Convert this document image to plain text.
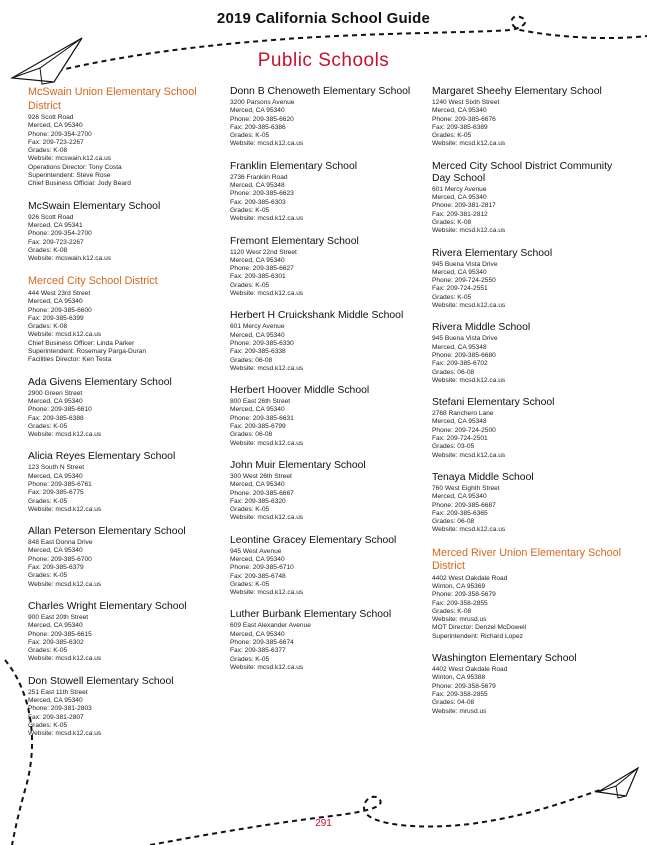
2019 California School Guide
Public Schools
McSwain Union Elementary School District
926 Scott Road
Merced, CA 95340
Phone: 209-354-2700
Fax: 209-723-2267
Grades: K-08
Website: mcswain.k12.ca.us
Operations Director: Tony Costa
Superintendent: Steve Rose
Chief Business Official: Jody Beard
McSwain Elementary School
926 Scott Road
Merced, CA 95341
Phone: 209-354-2700
Fax: 209-723-2267
Grades: K-08
Website: mcswain.k12.ca.us
Merced City School District
444 West 23rd Street
Merced, CA 95340
Phone: 209-385-6600
Fax: 209-385-6399
Grades: K-08
Website: mcsd.k12.ca.us
Chief Business Officer: Linda Parker
Superintendent: Rosemary Parga-Duran
Facilities Director: Ken Testa
Ada Givens Elementary School
2900 Green Street
Merced, CA 95340
Phone: 209-385-6610
Fax: 209-385-6388
Grades: K-05
Website: mcsd.k12.ca.us
Alicia Reyes Elementary School
123 South N Street
Merced, CA 95340
Phone: 209-385-6761
Fax: 209-385-6775
Grades: K-05
Website: mcsd.k12.ca.us
Allan Peterson Elementary School
848 East Donna Drive
Merced, CA 95340
Phone: 209-385-6700
Fax: 209-385-6379
Grades: K-05
Website: mcsd.k12.ca.us
Charles Wright Elementary School
900 East 20th Street
Merced, CA 95340
Phone: 209-385-6615
Fax: 209-385-6302
Grades: K-05
Website: mcsd.k12.ca.us
Don Stowell Elementary School
251 East 11th Street
Merced, CA 95340
Phone: 209-381-2803
Fax: 209-381-2807
Grades: K-05
Website: mcsd.k12.ca.us
Donn B Chenoweth Elementary School
3200 Parsons Avenue
Merced, CA 95340
Phone: 209-385-6620
Fax: 209-385-6386
Grades: K-05
Website: mcsd.k12.ca.us
Franklin Elementary School
2736 Franklin Road
Merced, CA 95348
Phone: 209-385-6623
Fax: 209-385-6303
Grades: K-05
Website: mcsd.k12.ca.us
Fremont Elementary School
1120 West 22nd Street
Merced, CA 95340
Phone: 209-385-6627
Fax: 209-385-6301
Grades: K-05
Website: mcsd.k12.ca.us
Herbert H Cruickshank Middle School
601 Mercy Avenue
Merced, CA 95340
Phone: 209-385-6330
Fax: 209-385-6338
Grades: 06-08
Website: mcsd.k12.ca.us
Herbert Hoover Middle School
800 East 26th Street
Merced, CA 95340
Phone: 209-385-6631
Fax: 209-385-6799
Grades: 06-08
Website: mcsd.k12.ca.us
John Muir Elementary School
300 West 26th Street
Merced, CA 95340
Phone: 209-385-6667
Fax: 209-385-6320
Grades: K-05
Website: mcsd.k12.ca.us
Leontine Gracey Elementary School
945 West Avenue
Merced, CA 95340
Phone: 209-385-6710
Fax: 209-385-6748
Grades: K-05
Website: mcsd.k12.ca.us
Luther Burbank Elementary School
609 East Alexander Avenue
Merced, CA 95340
Phone: 209-385-6674
Fax: 209-385-6377
Grades: K-05
Website: mcsd.k12.ca.us
Margaret Sheehy Elementary School
1240 West Sixth Street
Merced, CA 95340
Phone: 209-385-6676
Fax: 209-385-6389
Grades: K-05
Website: mcsd.k12.ca.us
Merced City School District Community Day School
601 Mercy Avenue
Merced, CA 95340
Phone: 209-381-2817
Fax: 209-381-2812
Grades: K-08
Website: mcsd.k12.ca.us
Rivera Elementary School
945 Buena Vista Drive
Merced, CA 95340
Phone: 209-724-2550
Fax: 209-724-2551
Grades: K-05
Website: mcsd.k12.ca.us
Rivera Middle School
945 Buena Vista Drive
Merced, CA 95348
Phone: 209-385-6680
Fax: 209-385-6702
Grades: 06-08
Website: mcsd.k12.ca.us
Stefani Elementary School
2768 Ranchero Lane
Merced, CA 95348
Phone: 209-724-2500
Fax: 209-724-2501
Grades: 03-05
Website: mcsd.k12.ca.us
Tenaya Middle School
760 West Eighth Street
Merced, CA 95340
Phone: 209-385-6687
Fax: 209-385-6365
Grades: 06-08
Website: mcsd.k12.ca.us
Merced River Union Elementary School District
4402 West Oakdale Road
Winton, CA 95369
Phone: 209-358-5679
Fax: 209-358-2855
Grades: K-08
Website: mrusd.us
MOT Director: Denzel McDowell
Superintendent: Richard Lopez
Washington Elementary School
4402 West Oakdale Road
Winton, CA 95388
Phone: 209-358-5679
Fax: 209-358-2855
Grades: 04-08
Website: mrusd.us
291
